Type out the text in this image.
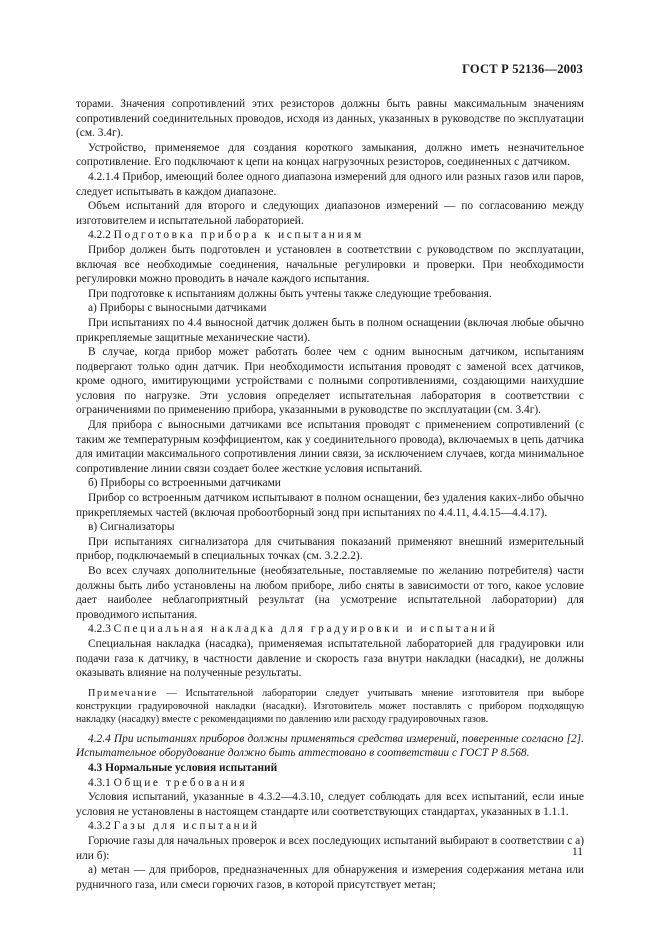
ГОСТ Р 52136—2003

торами. Значения сопротивлений этих резисторов должны быть равны максимальным значениям сопротивлений соединительных проводов, исходя из данных, указанных в руководстве по эксплуатации (см. 3.4г).

Устройство, применяемое для создания короткого замыкания, должно иметь незначительное сопротивление. Его подключают к цепи на концах нагрузочных резисторов, соединенных с датчиком.

4.2.1.4 Прибор, имеющий более одного диапазона измерений для одного или разных газов или паров, следует испытывать в каждом диапазоне.

Объем испытаний для второго и следующих диапазонов измерений — по согласованию между изготовителем и испытательной лабораторией.

4.2.2 Подготовка прибора к испытаниям

Прибор должен быть подготовлен и установлен в соответствии с руководством по эксплуатации, включая все необходимые соединения, начальные регулировки и проверки. При необходимости регулировки можно проводить в начале каждого испытания.

При подготовке к испытаниям должны быть учтены также следующие требования.

а) Приборы с выносными датчиками

При испытаниях по 4.4 выносной датчик должен быть в полном оснащении (включая любые обычно прикрепляемые защитные механические части).

В случае, когда прибор может работать более чем с одним выносным датчиком, испытаниям подвергают только один датчик. При необходимости испытания проводят с заменой всех датчиков, кроме одного, имитирующими устройствами с полными сопротивлениями, создающими наихудшие условия по нагрузке. Эти условия определяет испытательная лаборатория в соответствии с ограничениями по применению прибора, указанными в руководстве по эксплуатации (см. 3.4г).

Для прибора с выносными датчиками все испытания проводят с применением сопротивлений (с таким же температурным коэффициентом, как у соединительного провода), включаемых в цепь датчика для имитации максимального сопротивления линии связи, за исключением случаев, когда минимальное сопротивление линии связи создает более жесткие условия испытаний.

б) Приборы со встроенными датчиками

Прибор со встроенным датчиком испытывают в полном оснащении, без удаления каких-либо обычно прикрепляемых частей (включая пробоотборный зонд при испытаниях по 4.4.11, 4.4.15—4.4.17).

в) Сигнализаторы

При испытаниях сигнализатора для считывания показаний применяют внешний измерительный прибор, подключаемый в специальных точках (см. 3.2.2.2).

Во всех случаях дополнительные (необязательные, поставляемые по желанию потребителя) части должны быть либо установлены на любом приборе, либо сняты в зависимости от того, какое условие дает наиболее неблагоприятный результат (на усмотрение испытательной лаборатории) для проводимого испытания.

4.2.3 Специальная накладка для градуировки и испытаний

Специальная накладка (насадка), применяемая испытательной лабораторией для градуировки или подачи газа к датчику, в частности давление и скорость газа внутри накладки (насадки), не должны оказывать влияние на полученные результаты.

Примечание — Испытательной лаборатории следует учитывать мнение изготовителя при выборе конструкции градуировочной накладки (насадки). Изготовитель может поставлять с прибором подходящую накладку (насадку) вместе с рекомендациями по давлению или расходу градуировочных газов.

4.2.4 При испытаниях приборов должны применяться средства измерений, поверенные согласно [2]. Испытательное оборудование должно быть аттестовано в соответствии с ГОСТ Р 8.568.

4.3 Нормальные условия испытаний

4.3.1 Общие требования

Условия испытаний, указанные в 4.3.2—4.3.10, следует соблюдать для всех испытаний, если иные условия не установлены в настоящем стандарте или соответствующих стандартах, указанных в 1.1.1.

4.3.2 Газы для испытаний

Горючие газы для начальных проверок и всех последующих испытаний выбирают в соответствии с а) или б):

а) метан — для приборов, предназначенных для обнаружения и измерения содержания метана или рудничного газа, или смеси горючих газов, в которой присутствует метан;

11
